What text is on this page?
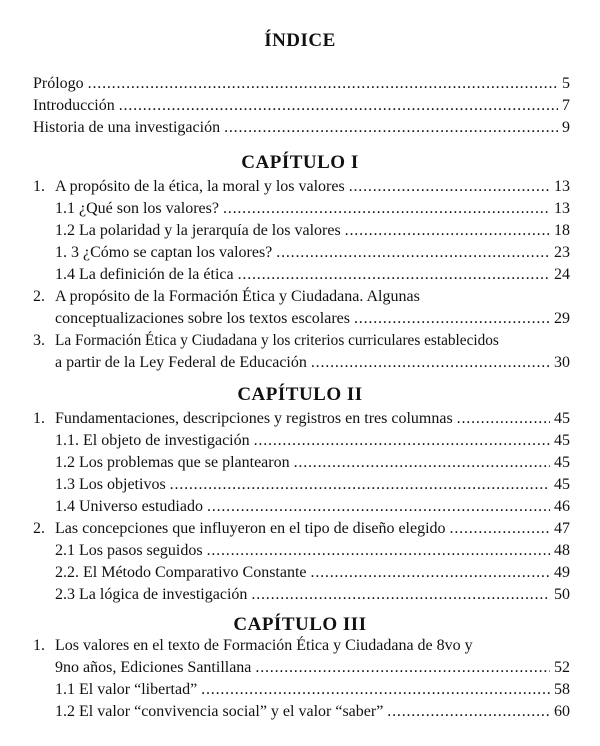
ÍNDICE
Prólogo . . .	5
Introducción . . .	7
Historia de una investigación . . .	9
CAPÍTULO I
1. A propósito de la ética, la moral y los valores . . .	13
1.1 ¿Qué son los valores? . . .	13
1.2 La polaridad y la jerarquía de los valores . . .	18
1. 3 ¿Cómo se captan los valores? . . .	23
1.4 La definición de la ética . . .	24
2. A propósito de la Formación Ética y Ciudadana. Algunas
conceptualizaciones sobre los textos escolares . . .	29
3. La Formación Ética y Ciudadana y los criterios curriculares establecidos
a partir de la Ley Federal de Educación . . .	30
CAPÍTULO II
1. Fundamentaciones, descripciones y registros en tres columnas . . .	45
1.1. El objeto de investigación . . .	45
1.2 Los problemas que se plantearon . . .	45
1.3 Los objetivos . . .	45
1.4 Universo estudiado . . .	46
2. Las concepciones que influyeron en el tipo de diseño elegido . . .	47
2.1 Los pasos seguidos . . .	48
2.2. El Método Comparativo Constante . . .	49
2.3 La lógica de investigación . . .	50
CAPÍTULO III
1. Los valores en el texto de Formación Ética y Ciudadana de 8vo y
9no años, Ediciones Santillana . . .	52
1.1 El valor “libertad” . . .	58
1.2 El valor “convivencia social” y el valor “saber” . . .	60
